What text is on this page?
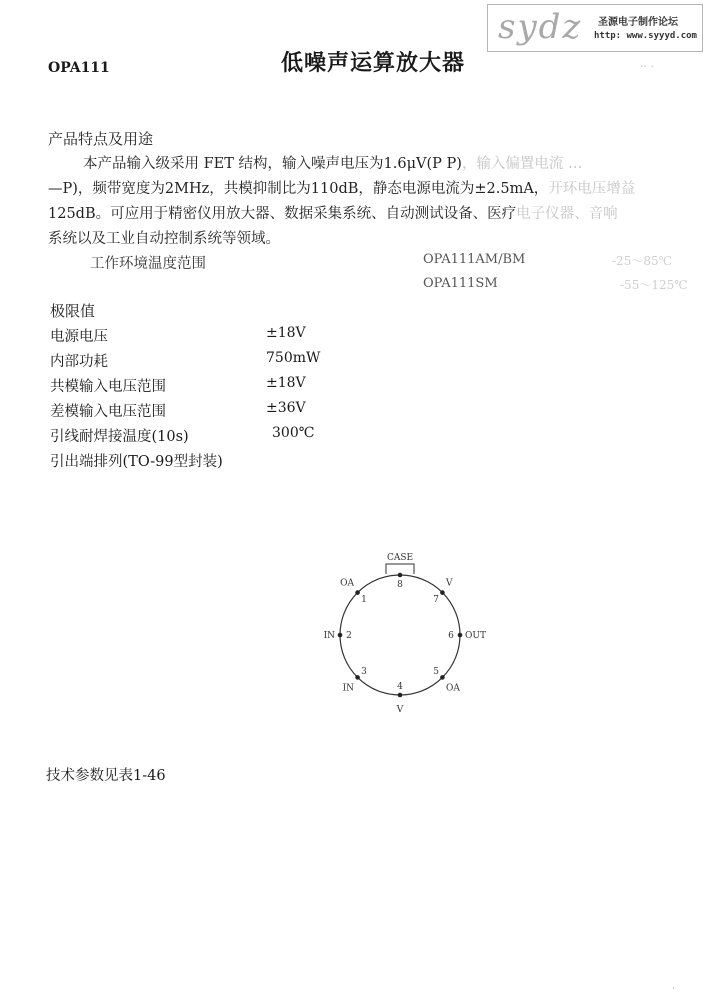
sydz 圣源电子制作论坛
http: www.syyyd.com
OPA111	低噪声运算放大器	·· ·
产品特点及用途
本产品输入级采用 FET 结构，输入噪声电压为1.6μV(P P)，输入偏置电流 …
—P)，频带宽度为2MHz，共模抑制比为110dB，静态电源电流为±2.5mA，开环电压增益
125dB。可应用于精密仪用放大器、数据采集系统、自动测试设备、医疗电子仪器、音响
系统以及工业自动控制系统等领域。
工作环境温度范围	OPA111AM/BM	-25～85℃
OPA111SM	-55～125℃
极限值
电源电压	±18V
内部功耗	750mW
共模输入电压范围	±18V
差模输入电压范围	±36V
引线耐焊接温度(10s)	300℃
引出端排列(TO-99型封装)
CASE
1
OA
2
IN
3
IN	4
V
5
OA
6 OUT
7
V
8
技术参数见表1-46
·
